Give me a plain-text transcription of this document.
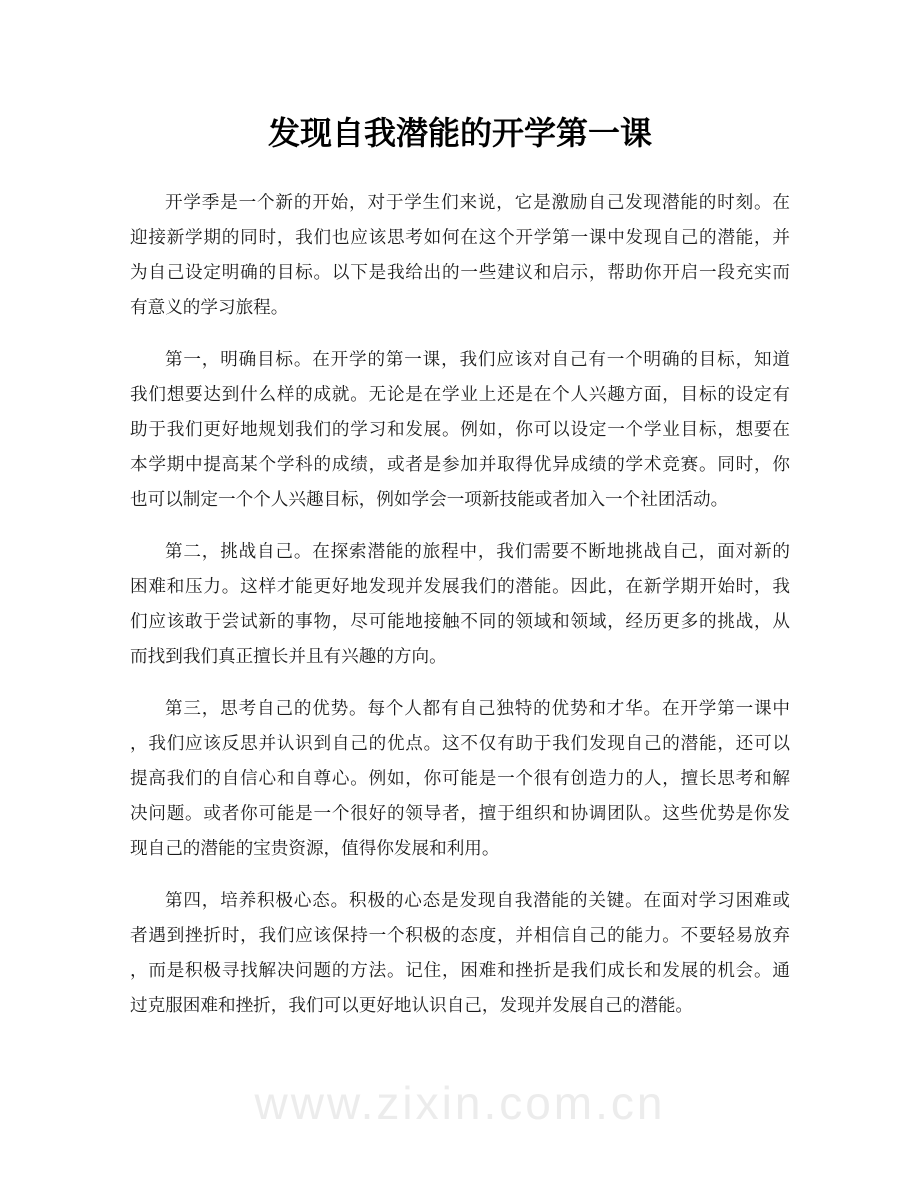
发现自我潜能的开学第一课
开学季是一个新的开始，对于学生们来说，它是激励自己发现潜能的时刻。在
迎接新学期的同时，我们也应该思考如何在这个开学第一课中发现自己的潜能，并
为自己设定明确的目标。以下是我给出的一些建议和启示，帮助你开启一段充实而
有意义的学习旅程。
第一，明确目标。在开学的第一课，我们应该对自己有一个明确的目标，知道
我们想要达到什么样的成就。无论是在学业上还是在个人兴趣方面，目标的设定有
助于我们更好地规划我们的学习和发展。例如，你可以设定一个学业目标，想要在
本学期中提高某个学科的成绩，或者是参加并取得优异成绩的学术竞赛。同时，你
也可以制定一个个人兴趣目标，例如学会一项新技能或者加入一个社团活动。
第二，挑战自己。在探索潜能的旅程中，我们需要不断地挑战自己，面对新的
困难和压力。这样才能更好地发现并发展我们的潜能。因此，在新学期开始时，我
们应该敢于尝试新的事物，尽可能地接触不同的领域和领域，经历更多的挑战，从
而找到我们真正擅长并且有兴趣的方向。
第三，思考自己的优势。每个人都有自己独特的优势和才华。在开学第一课中
，我们应该反思并认识到自己的优点。这不仅有助于我们发现自己的潜能，还可以
提高我们的自信心和自尊心。例如，你可能是一个很有创造力的人，擅长思考和解
决问题。或者你可能是一个很好的领导者，擅于组织和协调团队。这些优势是你发
现自己的潜能的宝贵资源，值得你发展和利用。
第四，培养积极心态。积极的心态是发现自我潜能的关键。在面对学习困难或
者遇到挫折时，我们应该保持一个积极的态度，并相信自己的能力。不要轻易放弃
，而是积极寻找解决问题的方法。记住，困难和挫折是我们成长和发展的机会。通
过克服困难和挫折，我们可以更好地认识自己，发现并发展自己的潜能。
www.zixin.com.cn
